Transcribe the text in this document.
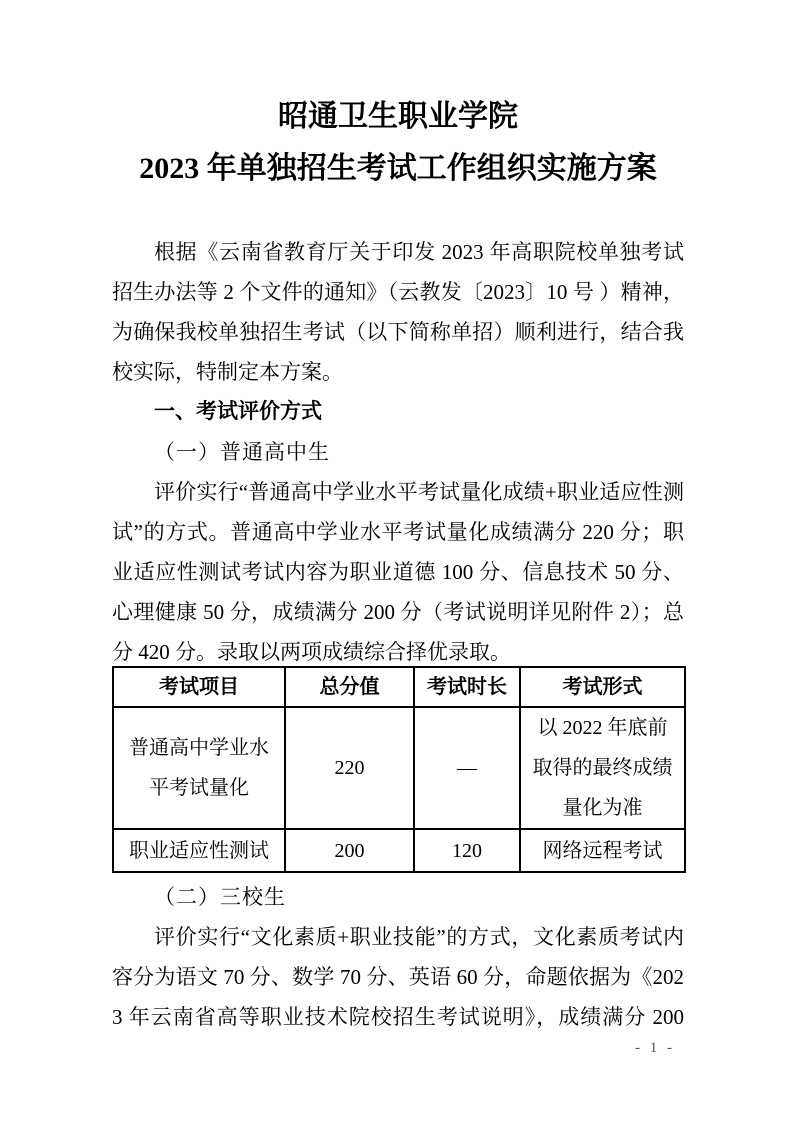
昭通卫生职业学院
2023 年单独招生考试工作组织实施方案

根据《云南省教育厅关于印发 2023 年高职院校单独考试招生办法等 2 个文件的通知》（云教发〔2023〕10 号 ）精神，为确保我校单独招生考试（以下简称单招）顺利进行，结合我校实际，特制定本方案。

一、考试评价方式
（一）普通高中生

评价实行“普通高中学业水平考试量化成绩+职业适应性测试”的方式。普通高中学业水平考试量化成绩满分 220 分；职业适应性测试考试内容为职业道德 100 分、信息技术 50 分、心理健康 50 分，成绩满分 200 分（考试说明详见附件 2）；总分 420 分。录取以两项成绩综合择优录取。

考试项目	总分值	考试时长	考试形式
普通高中学业水平考试量化	220	—	以 2022 年底前取得的最终成绩量化为准
职业适应性测试	200	120	网络远程考试
（二）三校生

评价实行“文化素质+职业技能”的方式，文化素质考试内容分为语文 70 分、数学 70 分、英语 60 分，命题依据为《2023 年云南省高等职业技术院校招生考试说明》，成绩满分 200

- 1 -
